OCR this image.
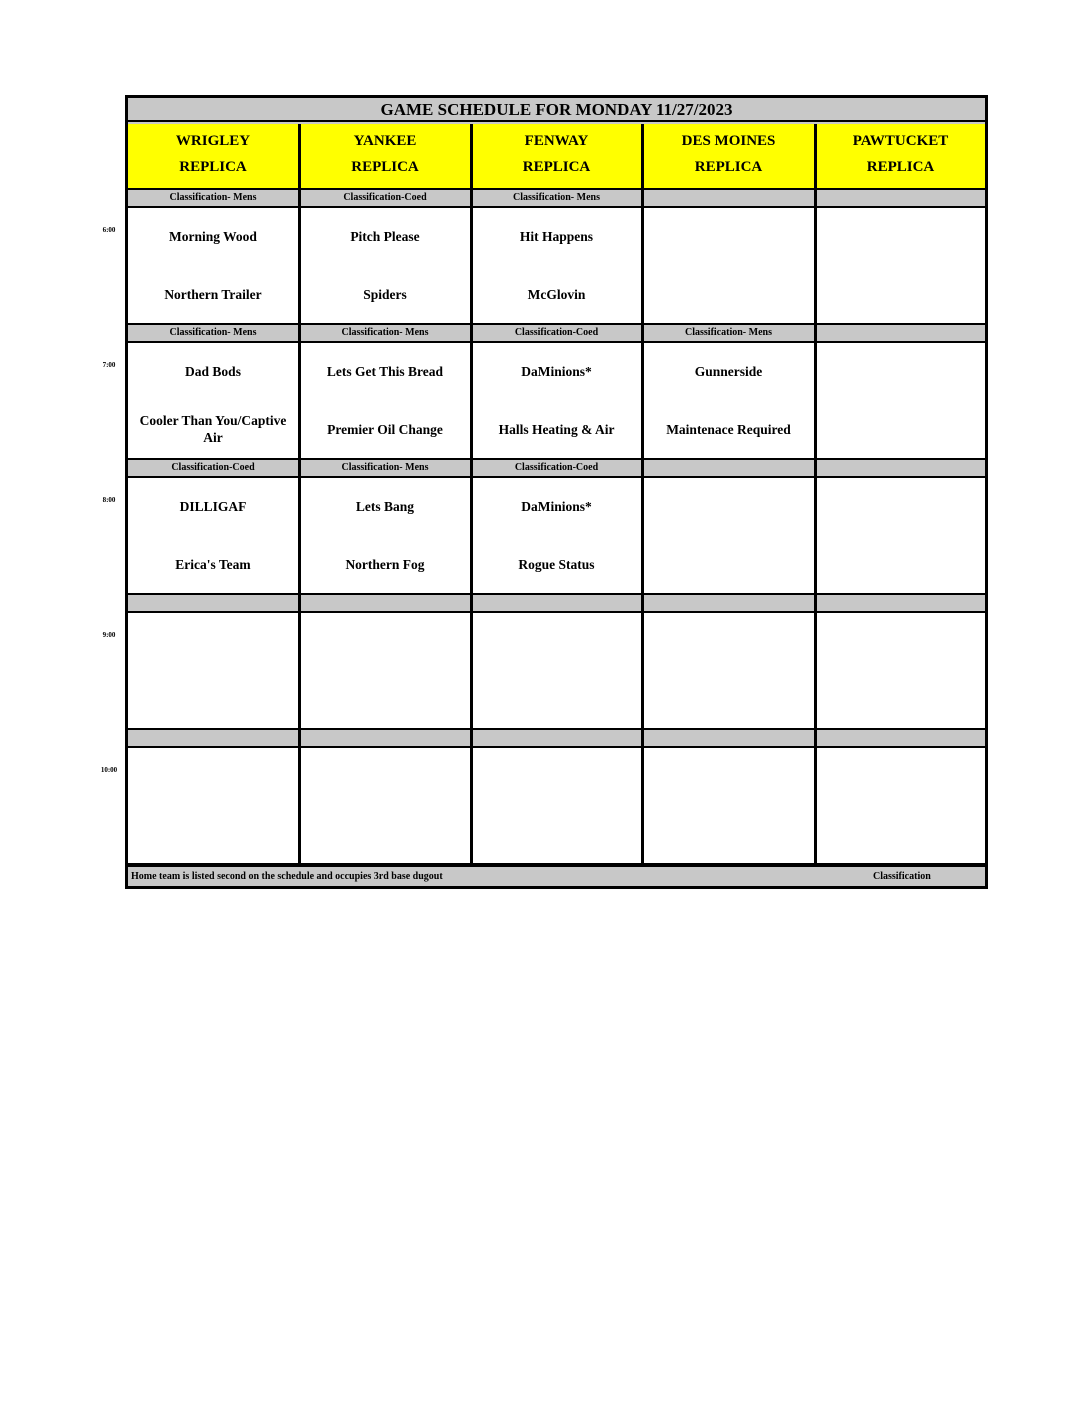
GAME SCHEDULE FOR MONDAY 11/27/2023
WRIGLEY
REPLICA
YANKEE
REPLICA
FENWAY
REPLICA
DES MOINES
REPLICA
PAWTUCKET
REPLICA
Classification- Mens
Morning Wood
Northern Trailer
Classification-Coed
Pitch Please
Spiders
Classification- Mens
Hit Happens
McGlovin
Classification- Mens
Dad Bods
Cooler Than You/Captive Air
Classification- Mens
Lets Get This Bread
Premier Oil Change
Classification-Coed
DaMinions*
Halls Heating & Air
Classification- Mens
Gunnerside
Maintenace Required
Classification-Coed
DILLIGAF
Erica's Team
Classification- Mens
Lets Bang
Northern Fog
Classification-Coed
DaMinions*
Rogue Status
Home team is listed second on the schedule and occupies 3rd base dugout	Classification
6:00
7:00
8:00
9:00
10:00
